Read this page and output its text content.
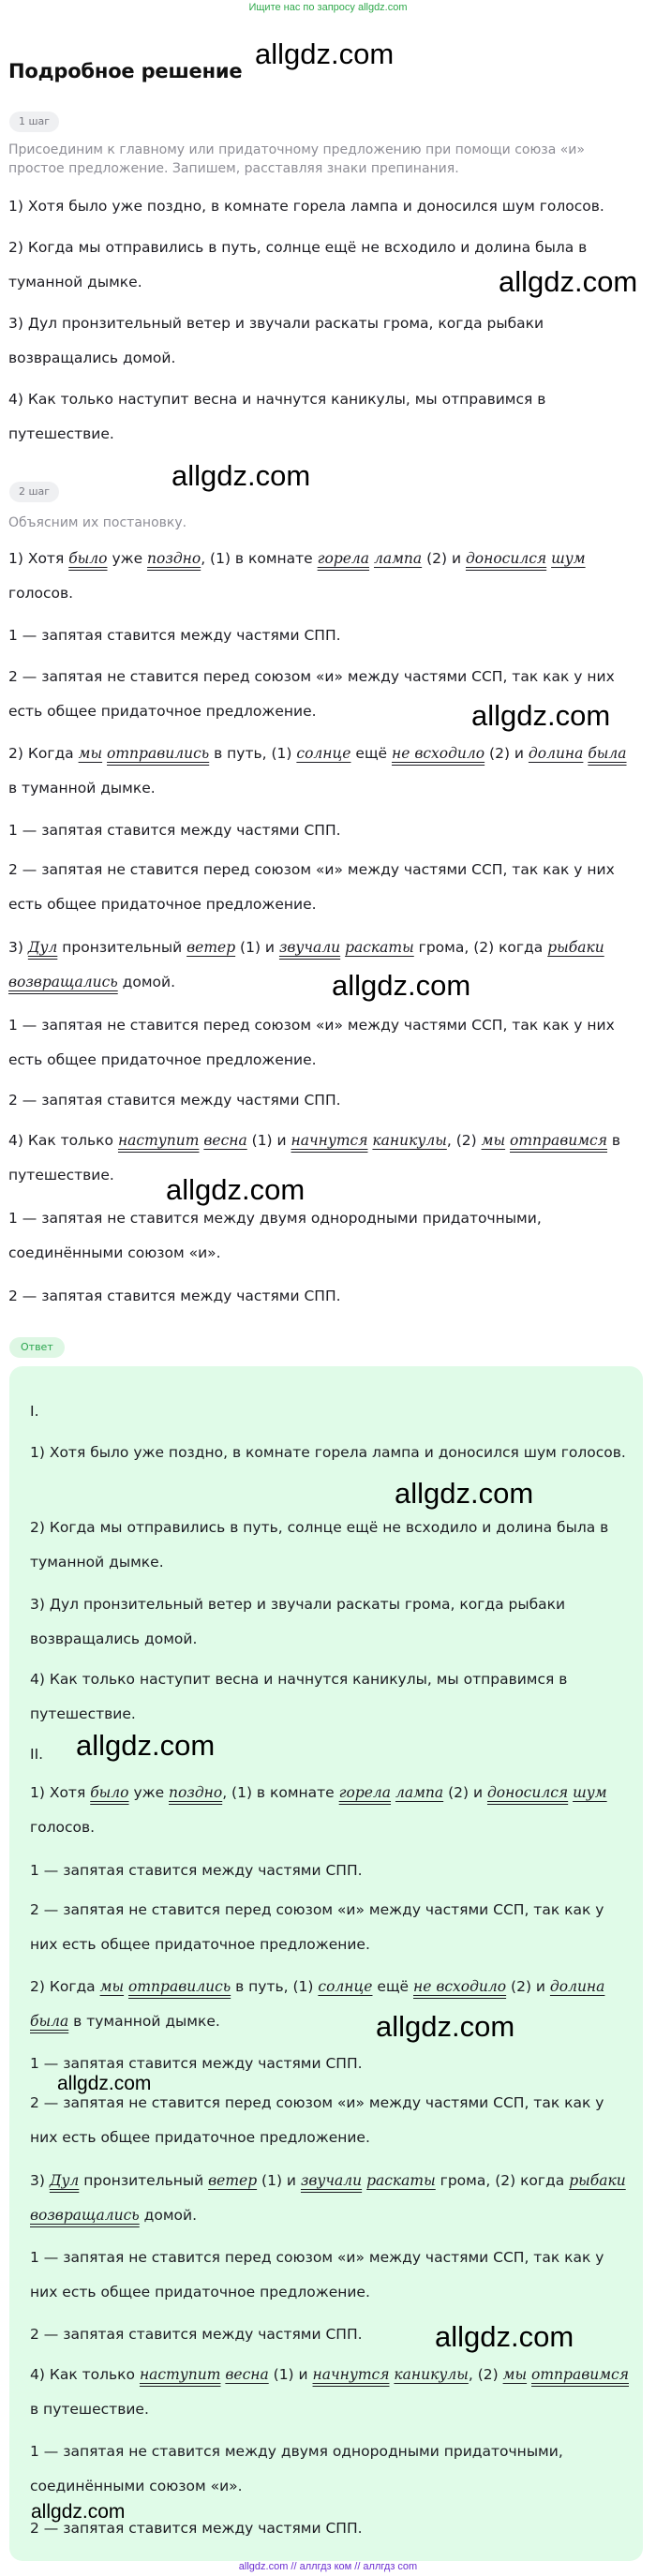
Ищите нас по запросу allgdz.com
Подробное решение
1 шаг
Присоединим к главному или придаточному предложению при помощи союза «и» простое предложение. Запишем, расставляя знаки препинания.
1) Хотя было уже поздно, в комнате горела лампа и доносился шум голосов.
2) Когда мы отправились в путь, солнце ещё не всходило и долина была в туманной дымке.
3) Дул пронзительный ветер и звучали раскаты грома, когда рыбаки возвращались домой.
4) Как только наступит весна и начнутся каникулы, мы отправимся в путешествие.
2 шаг
Объясним их постановку.
1) Хотя было уже поздно, (1) в комнате горела лампа (2) и доносился шум голосов.
1 — запятая ставится между частями СПП.
2 — запятая не ставится перед союзом «и» между частями ССП, так как у них есть общее придаточное предложение.
2) Когда мы отправились в путь, (1) солнце ещё не всходило (2) и долина была в туманной дымке.
1 — запятая ставится между частями СПП.
2 — запятая не ставится перед союзом «и» между частями ССП, так как у них есть общее придаточное предложение.
3) Дул пронзительный ветер (1) и звучали раскаты грома, (2) когда рыбаки возвращались домой.
1 — запятая не ставится перед союзом «и» между частями ССП, так как у них есть общее придаточное предложение.
2 — запятая ставится между частями СПП.
4) Как только наступит весна (1) и начнутся каникулы, (2) мы отправимся в путешествие.
1 — запятая не ставится между двумя однородными придаточными, соединёнными союзом «и».
2 — запятая ставится между частями СПП.
Ответ
I.
1) Хотя было уже поздно, в комнате горела лампа и доносился шум голосов.
2) Когда мы отправились в путь, солнце ещё не всходило и долина была в туманной дымке.
3) Дул пронзительный ветер и звучали раскаты грома, когда рыбаки возвращались домой.
4) Как только наступит весна и начнутся каникулы, мы отправимся в путешествие.
II.
1) Хотя было уже поздно, (1) в комнате горела лампа (2) и доносился шум голосов.
1 — запятая ставится между частями СПП.
2 — запятая не ставится перед союзом «и» между частями ССП, так как у них есть общее придаточное предложение.
2) Когда мы отправились в путь, (1) солнце ещё не всходило (2) и долина была в туманной дымке.
1 — запятая ставится между частями СПП.
2 — запятая не ставится перед союзом «и» между частями ССП, так как у них есть общее придаточное предложение.
3) Дул пронзительный ветер (1) и звучали раскаты грома, (2) когда рыбаки возвращались домой.
1 — запятая не ставится перед союзом «и» между частями ССП, так как у них есть общее придаточное предложение.
2 — запятая ставится между частями СПП.
4) Как только наступит весна (1) и начнутся каникулы, (2) мы отправимся в путешествие.
1 — запятая не ставится между двумя однородными придаточными, соединёнными союзом «и».
2 — запятая ставится между частями СПП.
allgdz.com
allgdz.com
allgdz.com
allgdz.com
allgdz.com
allgdz.com
allgdz.com
allgdz.com
allgdz.com
allgdz.com
allgdz.com
allgdz.com
allgdz.com // аллгдз ком // аллгдз com
